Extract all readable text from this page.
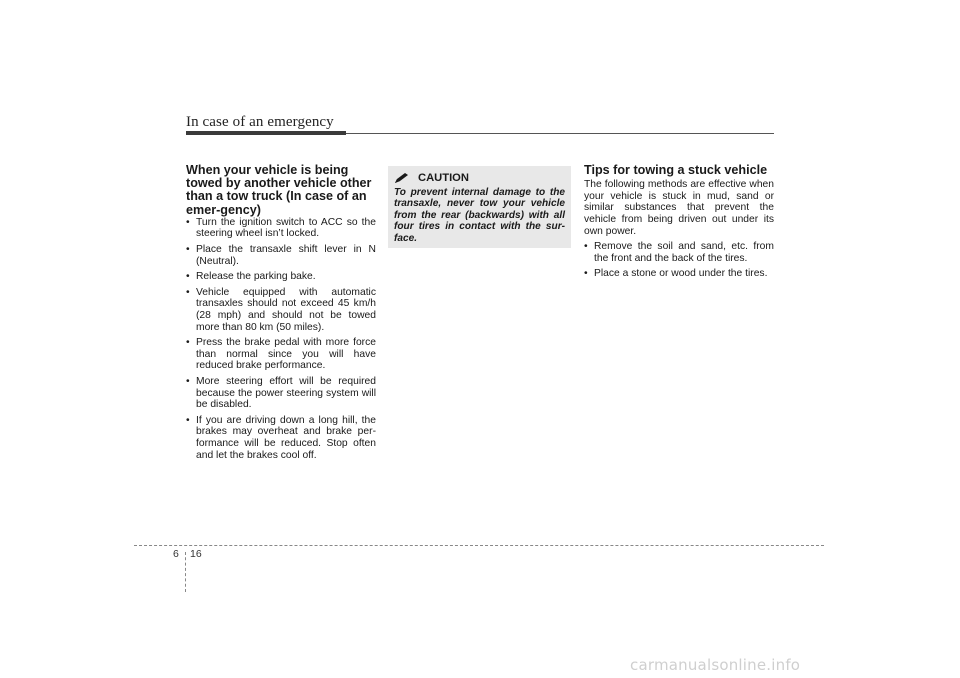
In case of an emergency
When your vehicle is being towed by another vehicle other than a tow truck (In case of an emer-gency)
• Turn the ignition switch to ACC so the steering wheel isn’t locked.
• Place the transaxle shift lever in N (Neutral).
• Release the parking bake.
• Vehicle equipped with automatic transaxles should not exceed 45 km/h (28 mph) and should not be towed more than 80 km (50 miles).
• Press the brake pedal with more force than normal since you will have reduced brake performance.
• More steering effort will be required because the power steering system will be disabled.
• If you are driving down a long hill, the brakes may overheat and brake per-formance will be reduced. Stop often and let the brakes cool off.
CAUTION
To prevent internal damage to the transaxle, never tow your vehicle from the rear (backwards) with all four tires in contact with the sur-face.
Tips for towing a stuck vehicle

The following methods are effective when your vehicle is stuck in mud, sand or similar substances that prevent the vehicle from being driven out under its own power.

• Remove the soil and sand, etc. from the front and the back of the tires.
• Place a stone or wood under the tires.
6 16
carmanualsonline.info
